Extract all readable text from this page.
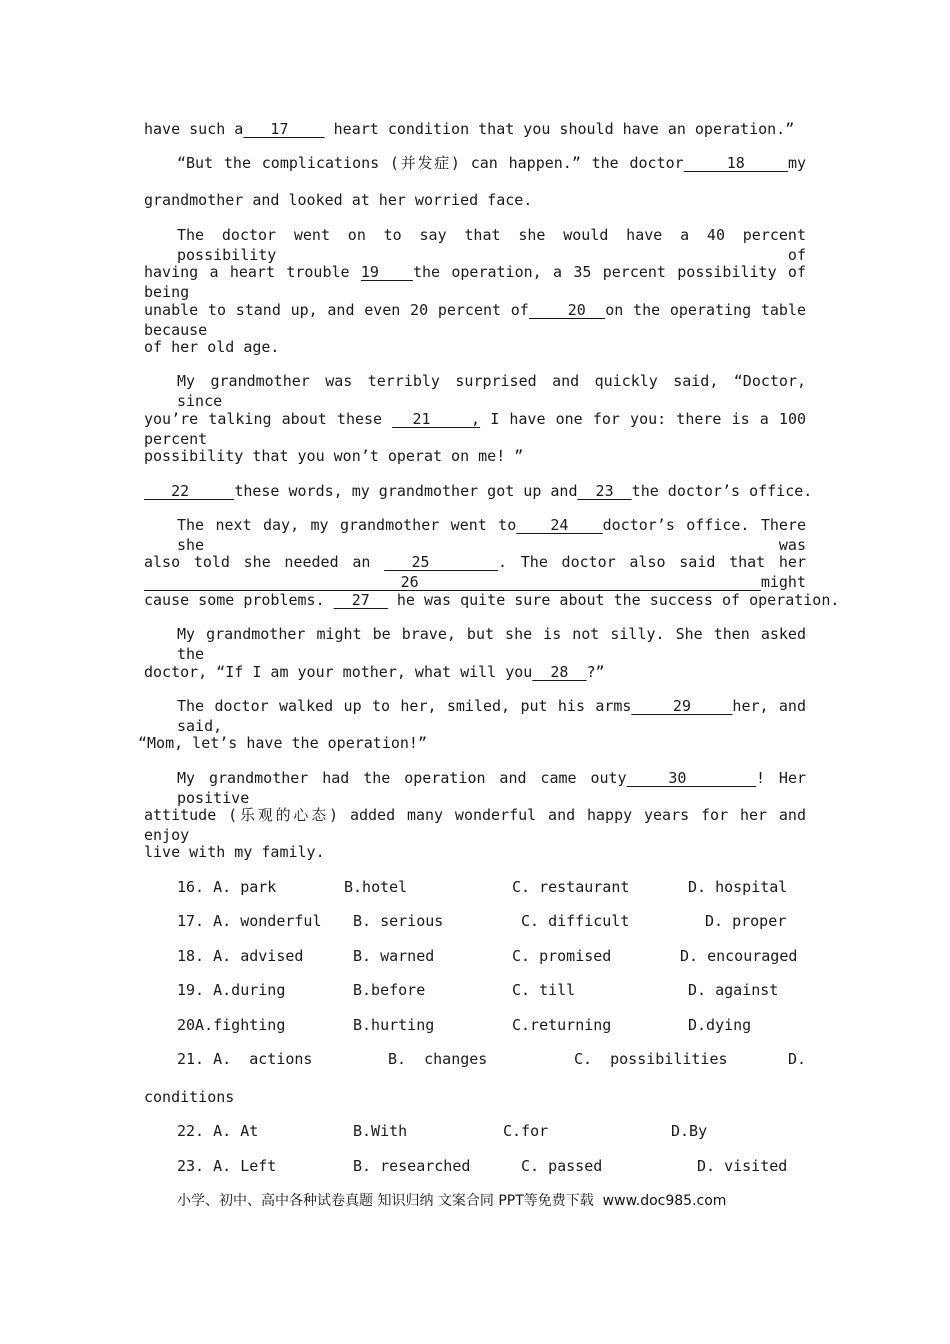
have such a   17     heart condition that you should have an operation.”
“But the complications (并发症) can happen.” the doctor    18    my
grandmother and looked at her worried face.
The doctor went on to say that she would have a 40 percent possibility of
having a heart trouble 19   the operation, a 35 percent possibility of being
unable to stand up, and even 20 percent of    20  on the operating table because
of her old age.
My grandmother was terribly surprised and quickly said, “Doctor, since
you’re talking about these   21    , I have one for you: there is a 100 percent
possibility that you won’t operat on me! ”
22     these words, my grandmother got up and  23  the doctor’s office.
The next day, my grandmother went to   24   doctor’s office. There she was
also told she needed an   25     . The doctor also said that her   26    might
cause some problems.   27   he was quite sure about the success of operation.
My grandmother might be brave, but she is not silly. She then asked the
doctor, “If I am your mother, what will you  28  ?”
The doctor walked up to her, smiled, put his arms    29    her, and said,
“Mom, let’s have the operation!”
My grandmother had the operation and came outy   30     ! Her positive
attitude (乐观的心态) added many wonderful and happy years for her and enjoy
live with my family.
16. A. park	B.hotel	C. restaurant	D. hospital
17. A. wonderful B. serious	C. difficult	D. proper
18. A. advised	B. warned	C. promised	D. encouraged
19. A.during	B.before	C. till	D. against
20A.fighting	B.hurting	C.returning	D.dying
21. A.  actions	B.  changes	C.  possibilities	D.
conditions
22. A. At	B.With	C.for	D.By
23. A. Left	B. researched	C. passed	D. visited
小学、初中、高中各种试卷真题 知识归纳 文案合同 PPT等免费下载  www.doc985.com
